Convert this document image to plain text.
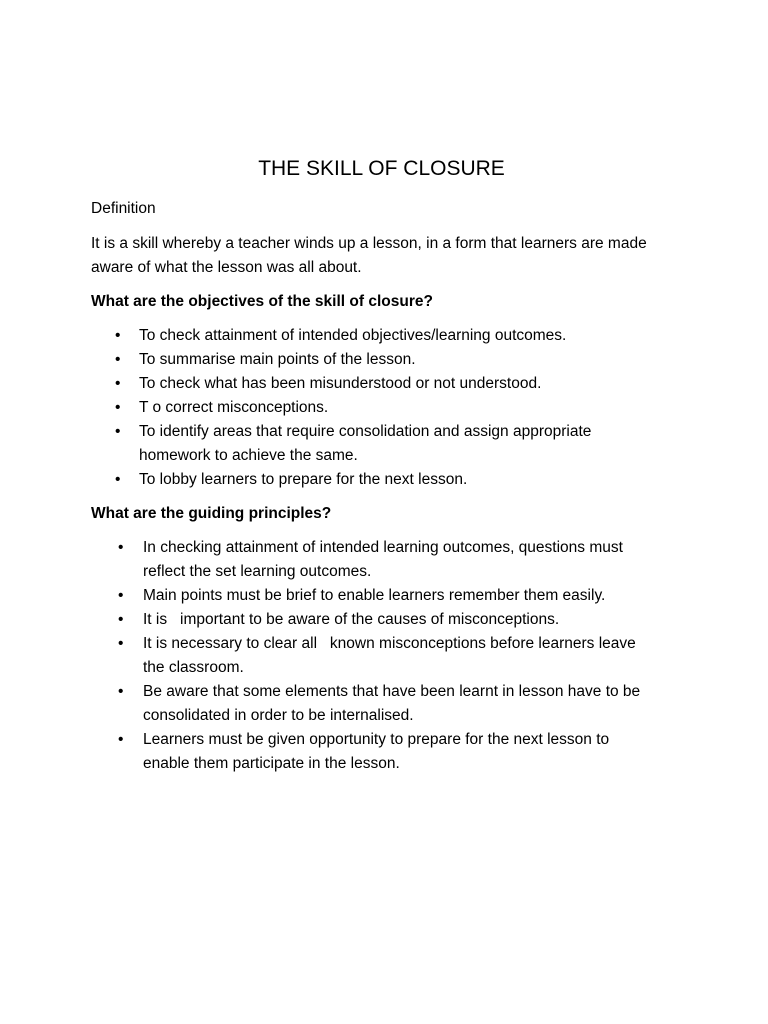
THE SKILL OF CLOSURE

Definition

It is a skill whereby a teacher winds up a lesson, in a form that learners are made aware of what the lesson was all about.

What are the objectives of the skill of closure?

•	To check attainment of intended objectives/learning outcomes.
•	To summarise main points of the lesson.
•	To check what has been misunderstood or not understood.
•	T o correct misconceptions.
•	To identify areas that require consolidation and assign appropriate homework to achieve the same.
•	To lobby learners to prepare for the next lesson.

What are the guiding principles?

•	In checking attainment of intended learning outcomes, questions must reflect the set learning outcomes.
•	Main points must be brief to enable learners remember them easily.
•	It is   important to be aware of the causes of misconceptions.
•	It is necessary to clear all   known misconceptions before learners leave the classroom.
•	Be aware that some elements that have been learnt in lesson have to be consolidated in order to be internalised.
•	Learners must be given opportunity to prepare for the next lesson to enable them participate in the lesson.
